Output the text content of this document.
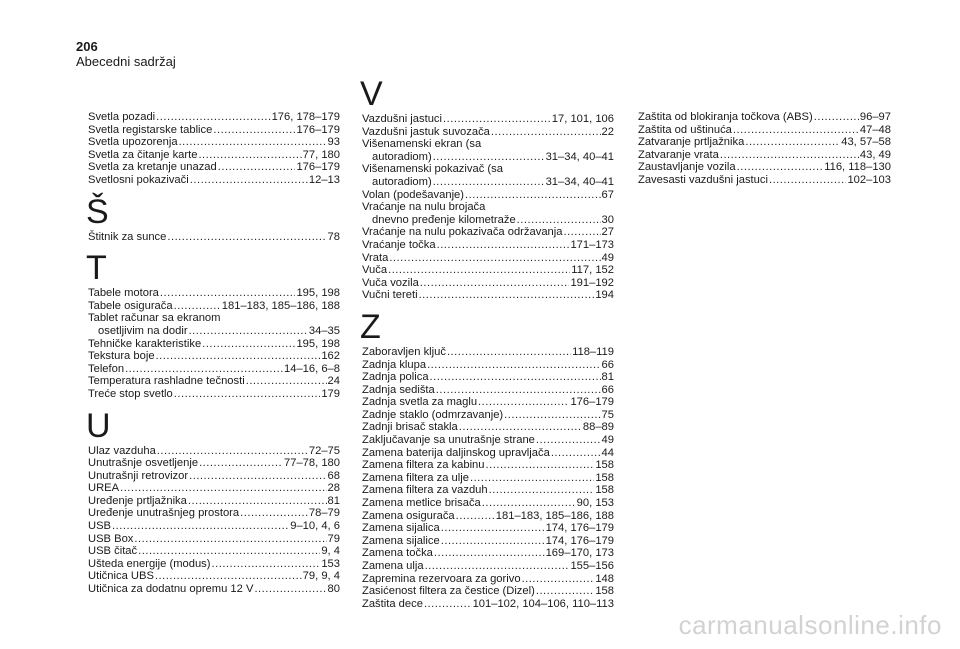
206
Abecedni sadržaj
Svetla pozadi .....	176, 178–179
Svetla registarske tablice .....	176–179
Svetla upozorenja .....	93
Svetla za čitanje karte .....	77, 180
Svetla za kretanje unazad .....	176–179
Svetlosni pokazivači .....	12–13
Š
Štitnik za sunce .....	78
T
Tabele motora .....	195, 198
Tabele osigurača .....	181–183, 185–186, 188
Tablet računar sa ekranom
osetljivim na dodir .....	34–35
Tehničke karakteristike .....	195, 198
Tekstura boje .....	162
Telefon .....	14–16, 6–8
Temperatura rashladne tečnosti .....	24
Treće stop svetlo .....	179
U
Ulaz vazduha .....	72–75
Unutrašnje osvetljenje .....	77–78, 180
Unutrašnji retrovizor .....	68
UREA .....	28
Uređenje prtljažnika .....	81
Uređenje unutrašnjeg prostora .....	78–79
USB .....	9–10, 4, 6
USB Box .....	79
USB čitač .....	9, 4
Ušteda energije (modus) .....	153
Utičnica UBS .....	79, 9, 4
Utičnica za dodatnu opremu 12 V .....	80
V
Vazdušni jastuci .....	17, 101, 106
Vazdušni jastuk suvozača .....	22
Višenamenski ekran (sa
autoradiom) .....	31–34, 40–41
Višenamenski pokazivač (sa
autoradiom) .....	31–34, 40–41
Volan (podešavanje) .....	67
Vraćanje na nulu brojača
dnevno pređenje kilometraže .....	30
Vraćanje na nulu pokazivača održavanja .....	27
Vraćanje točka .....	171–173
Vrata .....	49
Vuča .....	117, 152
Vuča vozila .....	191–192
Vučni tereti .....	194
Z
Zaboravljen ključ .....	118–119
Zadnja klupa .....	66
Zadnja polica .....	81
Zadnja sedišta .....	66
Zadnja svetla za maglu .....	176–179
Zadnje staklo (odmrzavanje) .....	75
Zadnji brisač stakla .....	88–89
Zaključavanje sa unutrašnje strane .....	49
Zamena baterija daljinskog upravljača .....	44
Zamena filtera za kabinu .....	158
Zamena filtera za ulje .....	158
Zamena filtera za vazduh .....	158
Zamena metlice brisača .....	90, 153
Zamena osigurača .....	181–183, 185–186, 188
Zamena sijalica .....	174, 176–179
Zamena sijalice .....	174, 176–179
Zamena točka .....	169–170, 173
Zamena ulja .....	155–156
Zapremina rezervoara za gorivo .....	148
Zasićenost filtera za čestice (Dizel) .....	158
Zaštita dece .....	101–102, 104–106, 110–113
Zaštita od blokiranja točkova (ABS) .....	96–97
Zaštita od uštinuća .....	47–48
Zatvaranje prtljažnika .....	43, 57–58
Zatvaranje vrata .....	43, 49
Zaustavljanje vozila .....	116, 118–130
Zavesasti vazdušni jastuci .....	102–103
carmanualsonline.info
